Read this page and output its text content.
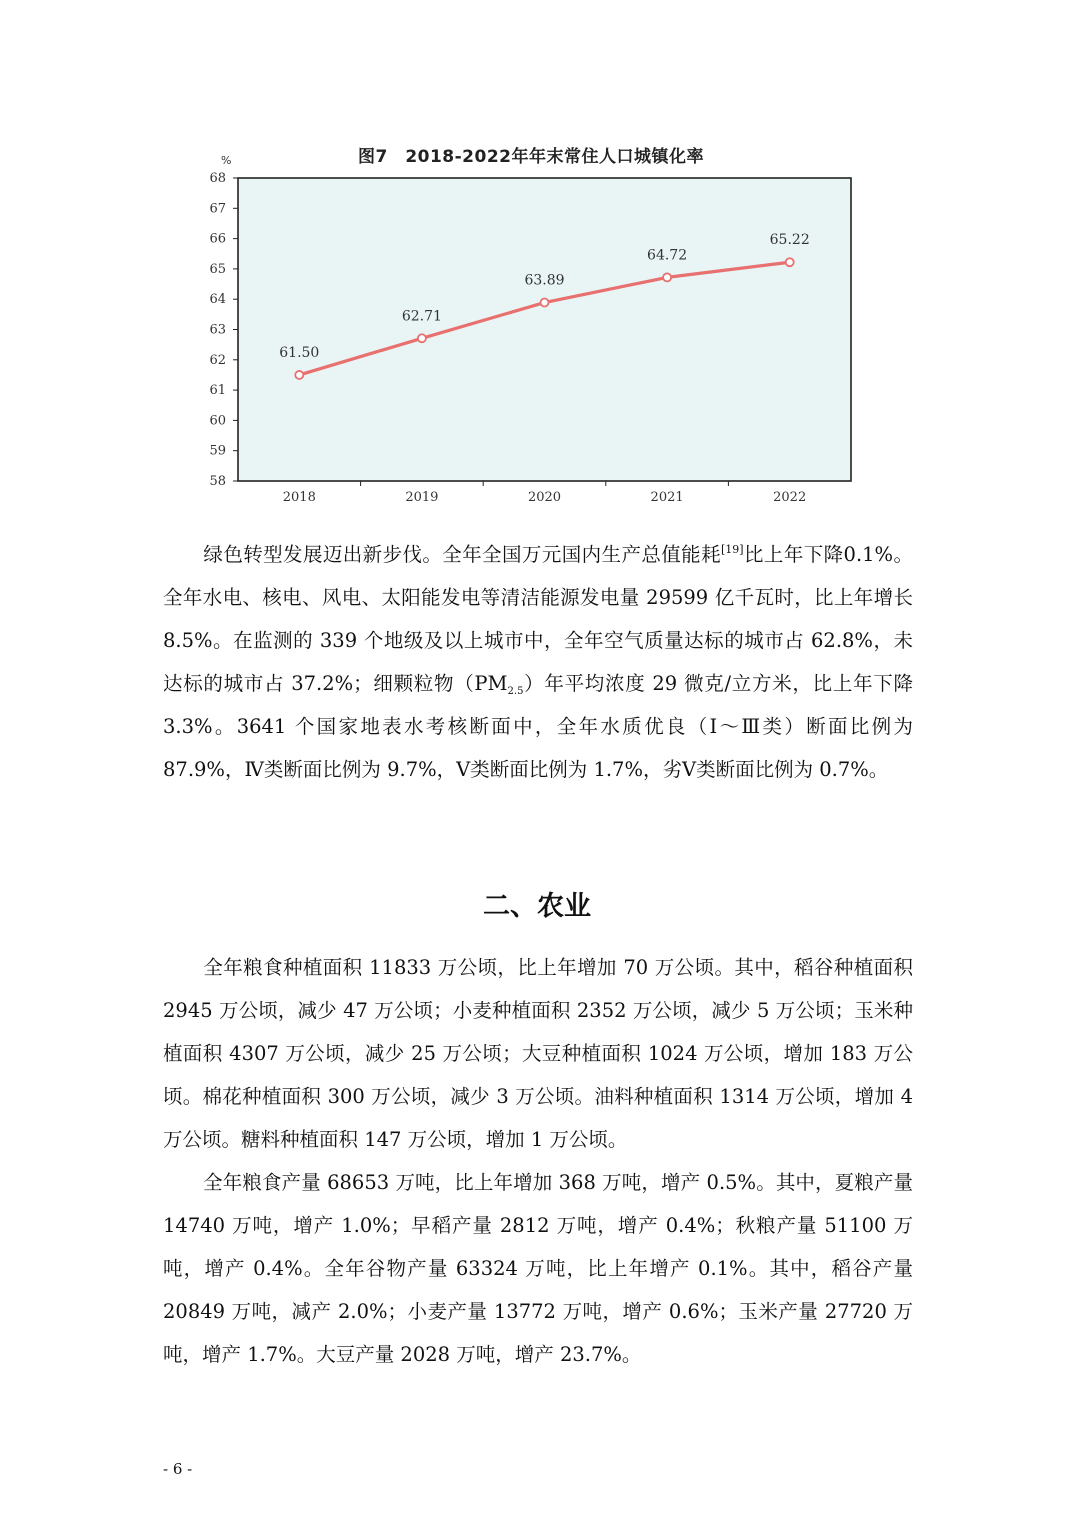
58
59
60
61
62
63
64
65
66
67
68
2018	2019	2020	2021	2022
61.50
62.71
63.89
64.72
65.22
图7　2018-2022年年末常住人口城镇化率
%

绿色转型发展迈出新步伐。全年全国万元国内生产总值能耗[19]比上年下降0.1%。全年水电、核电、风电、太阳能发电等清洁能源发电量 29599 亿千瓦时，比上年增长 8.5%。在监测的 339 个地级及以上城市中，全年空气质量达标的城市占 62.8%，未达标的城市占 37.2%；细颗粒物$(PM_{2.5})$年平均浓度 29 微克/立方米，比上年下降 3.3%。3641 个国家地表水考核断面中，全年水质优良（Ⅰ～Ⅲ类）断面比例为 87.9%，Ⅳ类断面比例为 9.7%，Ⅴ类断面比例为 1.7%，劣Ⅴ类断面比例为 0.7%。

二、农业

全年粮食种植面积 11833 万公顷，比上年增加 70 万公顷。其中，稻谷种植面积 2945 万公顷，减少 47 万公顷；小麦种植面积 2352 万公顷，减少 5 万公顷；玉米种植面积 4307 万公顷，减少 25 万公顷；大豆种植面积 1024 万公顷，增加 183 万公顷。棉花种植面积 300 万公顷，减少 3 万公顷。油料种植面积 1314 万公顷，增加 4 万公顷。糖料种植面积 147 万公顷，增加 1 万公顷。

全年粮食产量 68653 万吨，比上年增加 368 万吨，增产 0.5%。其中，夏粮产量 14740 万吨，增产 1.0%；早稻产量 2812 万吨，增产 0.4%；秋粮产量 51100 万吨，增产 0.4%。全年谷物产量 63324 万吨，比上年增产 0.1%。其中，稻谷产量 20849 万吨，减产 2.0%；小麦产量 13772 万吨，增产 0.6%；玉米产量 27720 万吨，增产 1.7%。大豆产量 2028 万吨，增产 23.7%。

- 6 -
